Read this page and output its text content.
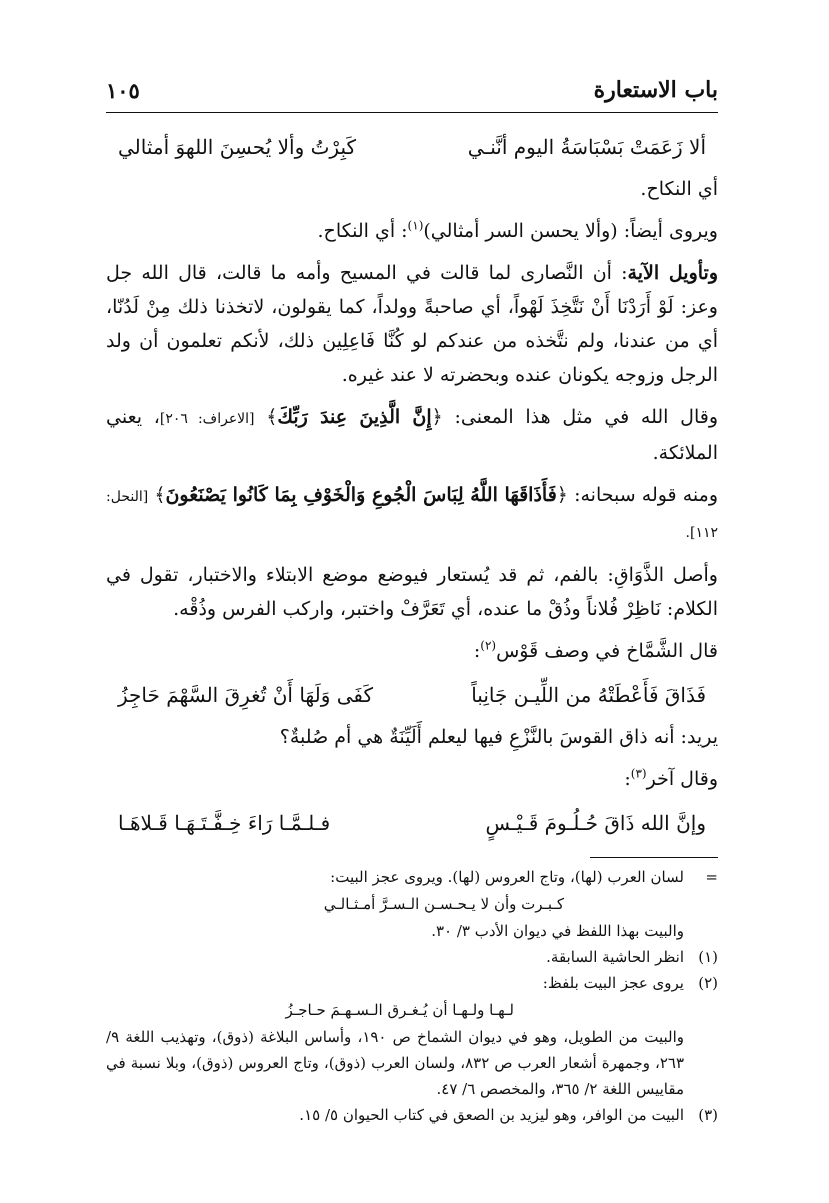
باب الاستعارة
١٠٥
ألا زَعَمَتْ بَسْبَاسَةُ اليوم أنَّنـي
كَبِرْتُ وألا يُحسِنَ اللهوَ أمثالي

أي النكاح.

ويروى أيضاً: (وألا يحسن السر أمثالي)$^{(١)}$: أي النكاح.

وتأويل الآية: أن النَّصارى لما قالت في المسيح وأمه ما قالت، قال الله جل وعز: لَوْ أَرَدْنَا أَنْ نَتَّخِذَ لَهْواً، أي صاحبةً وولداً، كما يقولون، لاتخذنا ذلك مِنْ لَدُنّا، أي من عندنا، ولم نتَّخذه من عندكم لو كُنَّا فَاعِلِين ذلك، لأنكم تعلمون أن ولد الرجل وزوجه يكونان عنده وبحضرته لا عند غيره.

وقال الله في مثل هذا المعنى: ﴿إِنَّ الَّذِينَ عِندَ رَبِّكَ﴾ [الاعراف: ٢٠٦]، يعني الملائكة.

ومنه قوله سبحانه: ﴿فَأَذَاقَهَا اللَّهُ لِبَاسَ الْجُوعِ وَالْخَوْفِ بِمَا كَانُوا يَصْنَعُونَ﴾ [النحل: ١١٢].

وأصل الذَّوَاقِ: بالفم، ثم قد يُستعار فيوضع موضع الابتلاء والاختبار، تقول في الكلام: نَاظِرْ فُلاناً وذُقْ ما عنده، أي تَعَرَّفْ واختبر، واركب الفرس وذُقْه.

قال الشَّمَّاخ في وصف قَوْس$^{(٢)}$:

فَذَاقَ فَأَعْطَتْهُ من اللِّيـن جَانِباً
كَفَى وَلَهَا أَنْ تُغرِقَ السَّهْمَ حَاجِزُ

يريد: أنه ذاق القوسَ بالنَّزْعِ فيها ليعلم أَلَيِّنَةٌ هي أم صُلبةٌ؟

وقال آخر$^{(٣)}$:

وإنَّ الله ذَاقَ حُـلُـومَ قَـيْـسٍ
فـلـمَّـا رَاءَ خِـفَّـتَـهَـا قَـلاهَـا
=
لسان العرب (لها)، وتاج العروس (لها). ويروى عجز البيت:
كـبـرت وأن لا يـحـسـن الـسـرَّ أمـثـالـي
والبيت بهذا اللفظ في ديوان الأدب ٣/ ٣٠.
(١)
انظر الحاشية السابقة.
(٢)
يروى عجز البيت بلفظ:
لـهـا ولـهـا أن يُـغـرق الـسـهـمَ حـاجـزُ
والبيت من الطويل، وهو في ديوان الشماخ ص ١٩٠، وأساس البلاغة (ذوق)، وتهذيب اللغة ٩/ ٢٦٣، وجمهرة أشعار العرب ص ٨٣٢، ولسان العرب (ذوق)، وتاج العروس (ذوق)، وبلا نسبة في مقاييس اللغة ٢/ ٣٦٥، والمخصص ٦/ ٤٧.
(٣)
البيت من الوافر، وهو ليزيد بن الصعق في كتاب الحيوان ٥/ ١٥.
